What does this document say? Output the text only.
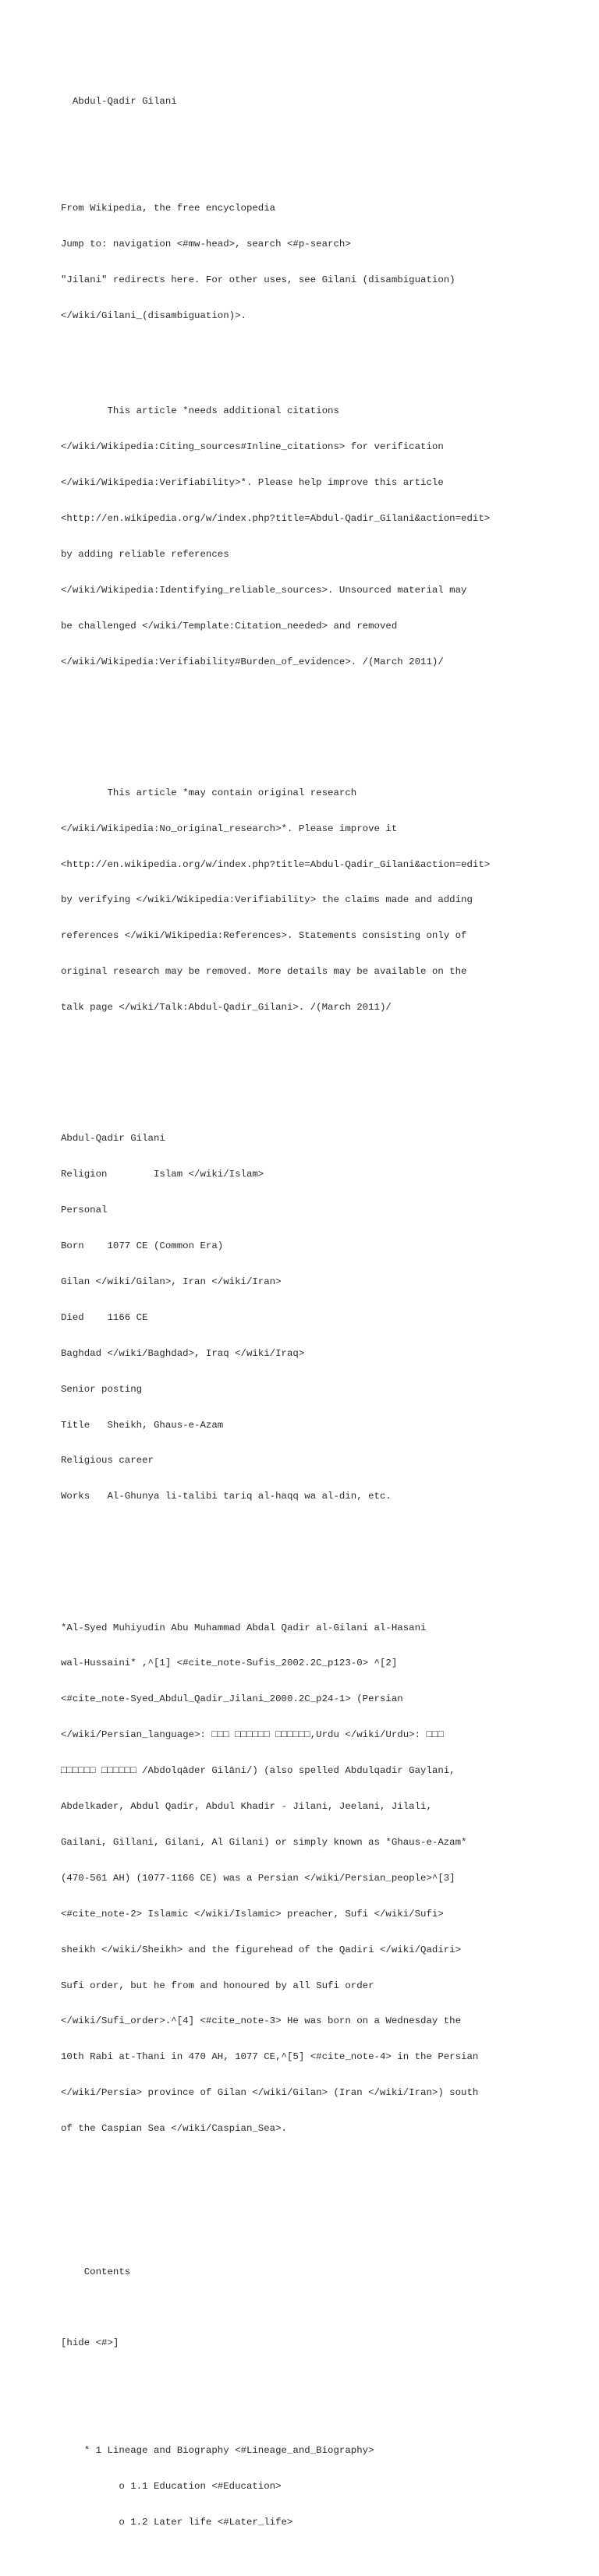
Abdul-Qadir Gilani

From Wikipedia, the free encyclopedia

Jump to: navigation <#mw-head>, search <#p-search>

"Jilani" redirects here. For other uses, see Gilani (disambiguation)

</wiki/Gilani_(disambiguation)>.

This article *needs additional citations

</wiki/Wikipedia:Citing_sources#Inline_citations> for verification

</wiki/Wikipedia:Verifiability>*. Please help improve this article

<http://en.wikipedia.org/w/index.php?title=Abdul-Qadir_Gilani&action=edit>

by adding reliable references

</wiki/Wikipedia:Identifying_reliable_sources>. Unsourced material may

be challenged </wiki/Template:Citation_needed> and removed

</wiki/Wikipedia:Verifiability#Burden_of_evidence>. /(March 2011)/

This article *may contain original research

</wiki/Wikipedia:No_original_research>*. Please improve it

<http://en.wikipedia.org/w/index.php?title=Abdul-Qadir_Gilani&action=edit>

by verifying </wiki/Wikipedia:Verifiability> the claims made and adding

references </wiki/Wikipedia:References>. Statements consisting only of

original research may be removed. More details may be available on the

talk page </wiki/Talk:Abdul-Qadir_Gilani>. /(March 2011)/

Abdul-Qadir Gilani

Religion        Islam </wiki/Islam>

Personal

Born    1077 CE (Common Era)

Gilan </wiki/Gilan>, Iran </wiki/Iran>

Died    1166 CE

Baghdad </wiki/Baghdad>, Iraq </wiki/Iraq>

Senior posting

Title   Sheikh, Ghaus-e-Azam

Religious career

Works   Al-Ghunya li-talibi tariq al-haqq wa al-din, etc.

*Al-Syed Muhiyudin Abu Muhammad Abdal Qadir al-Gilani al-Hasani

wal-Hussaini* ,^[1] <#cite_note-Sufis_2002.2C_p123-0> ^[2]

<#cite_note-Syed_Abdul_Qadir_Jilani_2000.2C_p24-1> (Persian

</wiki/Persian_language>: □□□ □□□□□□ □□□□□□,Urdu </wiki/Urdu>: □□□

□□□□□□ □□□□□□ /Abdolqāder Gilāni/) (also spelled Abdulqadir Gaylani,

Abdelkader, Abdul Qadir, Abdul Khadir - Jilani, Jeelani, Jilali,

Gailani, Gillani, Gilani, Al Gilani) or simply known as *Ghaus-e-Azam*

(470-561 AH) (1077-1166 CE) was a Persian </wiki/Persian_people>^[3]

<#cite_note-2> Islamic </wiki/Islamic> preacher, Sufi </wiki/Sufi>

sheikh </wiki/Sheikh> and the figurehead of the Qadiri </wiki/Qadiri>

Sufi order, but he from and honoured by all Sufi order

</wiki/Sufi_order>.^[4] <#cite_note-3> He was born on a Wednesday the

10th Rabi at-Thani in 470 AH, 1077 CE,^[5] <#cite_note-4> in the Persian

</wiki/Persia> province of Gilan </wiki/Gilan> (Iran </wiki/Iran>) south

of the Caspian Sea </wiki/Caspian_Sea>.

Contents

[hide <#>]

* 1 Lineage and Biography <#Lineage_and_Biography>

o 1.1 Education <#Education>

o 1.2 Later life <#Later_life>
